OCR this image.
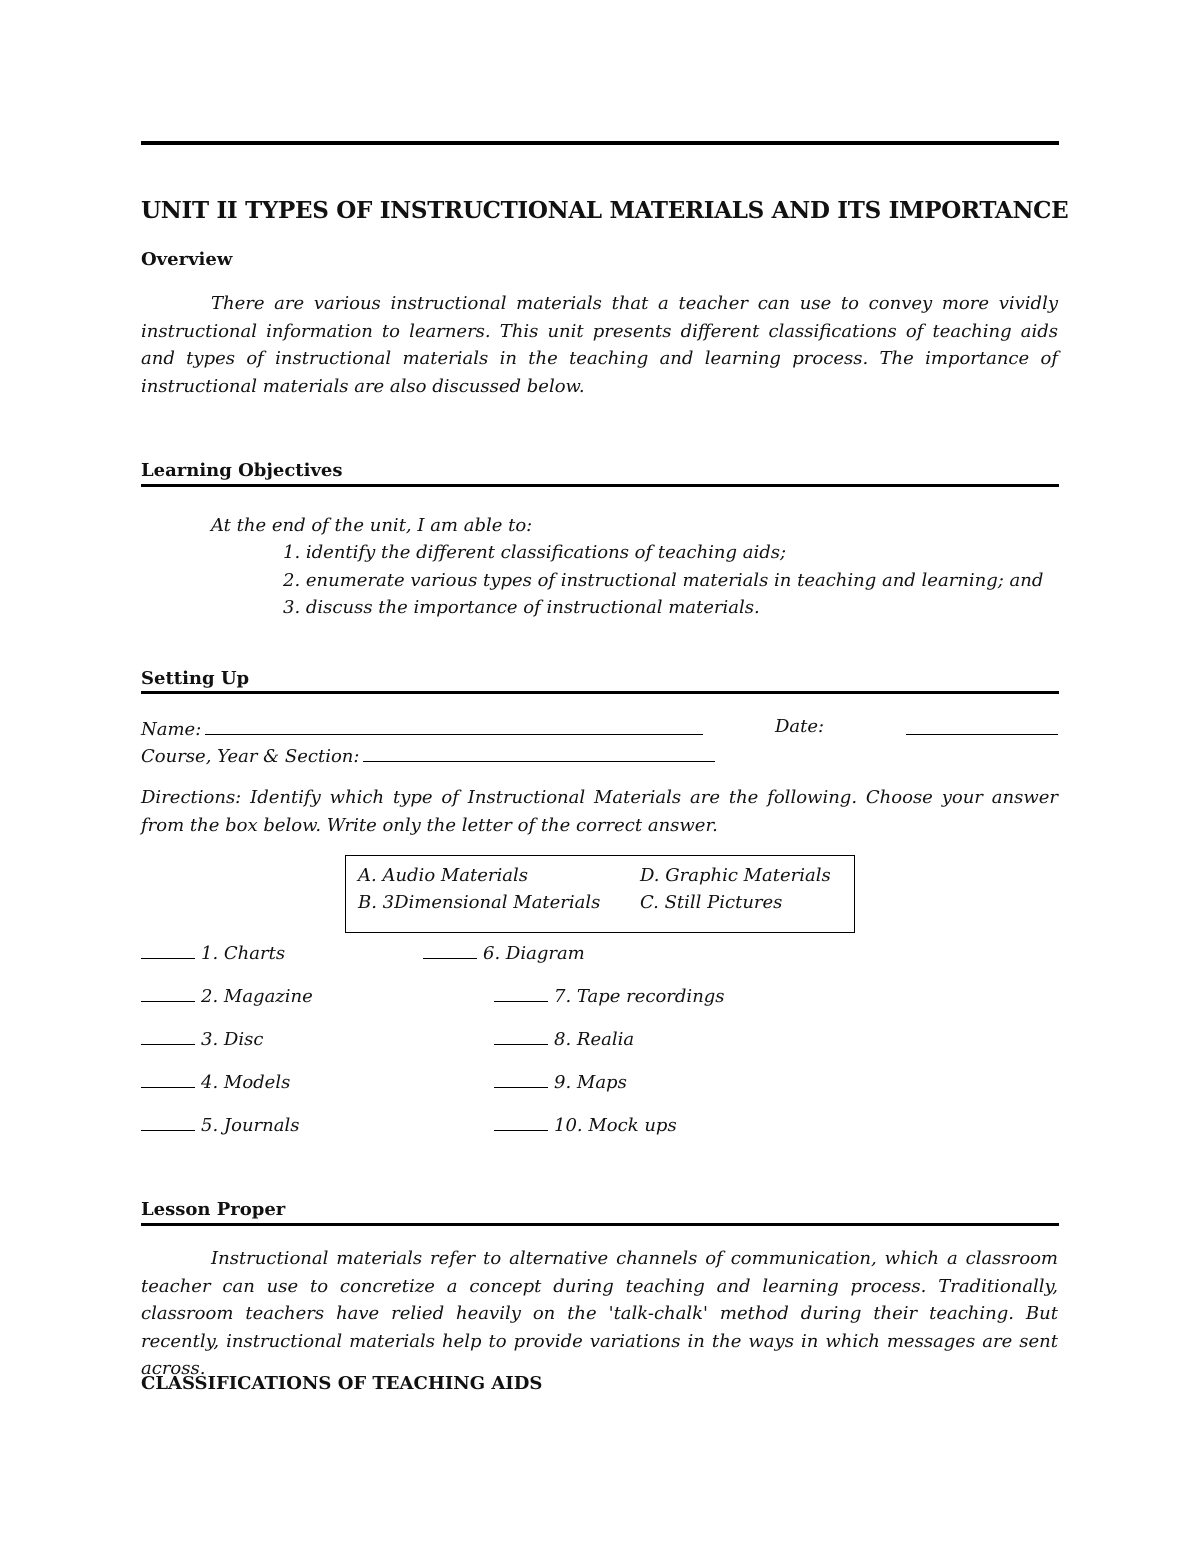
UNIT II TYPES OF INSTRUCTIONAL MATERIALS AND ITS IMPORTANCE
Overview
There are various instructional materials that a teacher can use to convey more vividly instructional information to learners. This unit presents different classifications of teaching aids and types of instructional materials in the teaching and learning process. The importance of instructional materials are also discussed below.
Learning Objectives
At the end of the unit, I am able to:
1. identify the different classifications of teaching aids;
2. enumerate various types of instructional materials in teaching and learning; and
3. discuss the importance of instructional materials.
Setting Up
Name:	Date:
Course, Year & Section:
Directions: Identify which type of Instructional Materials are the following. Choose your answer from the box below. Write only the letter of the correct answer.
A. Audio Materials	D. Graphic Materials
B. 3Dimensional Materials C. Still Pictures
1. Charts
2. Magazine
3. Disc
4. Models
5. Journals
6. Diagram
7. Tape recordings
8. Realia
9. Maps
10. Mock ups
Lesson Proper
Instructional materials refer to alternative channels of communication, which a classroom teacher can use to concretize a concept during teaching and learning process. Traditionally, classroom teachers have relied heavily on the 'talk-chalk' method during their teaching. But recently, instructional materials help to provide variations in the ways in which messages are sent across.
CLASSIFICATIONS OF TEACHING AIDS
